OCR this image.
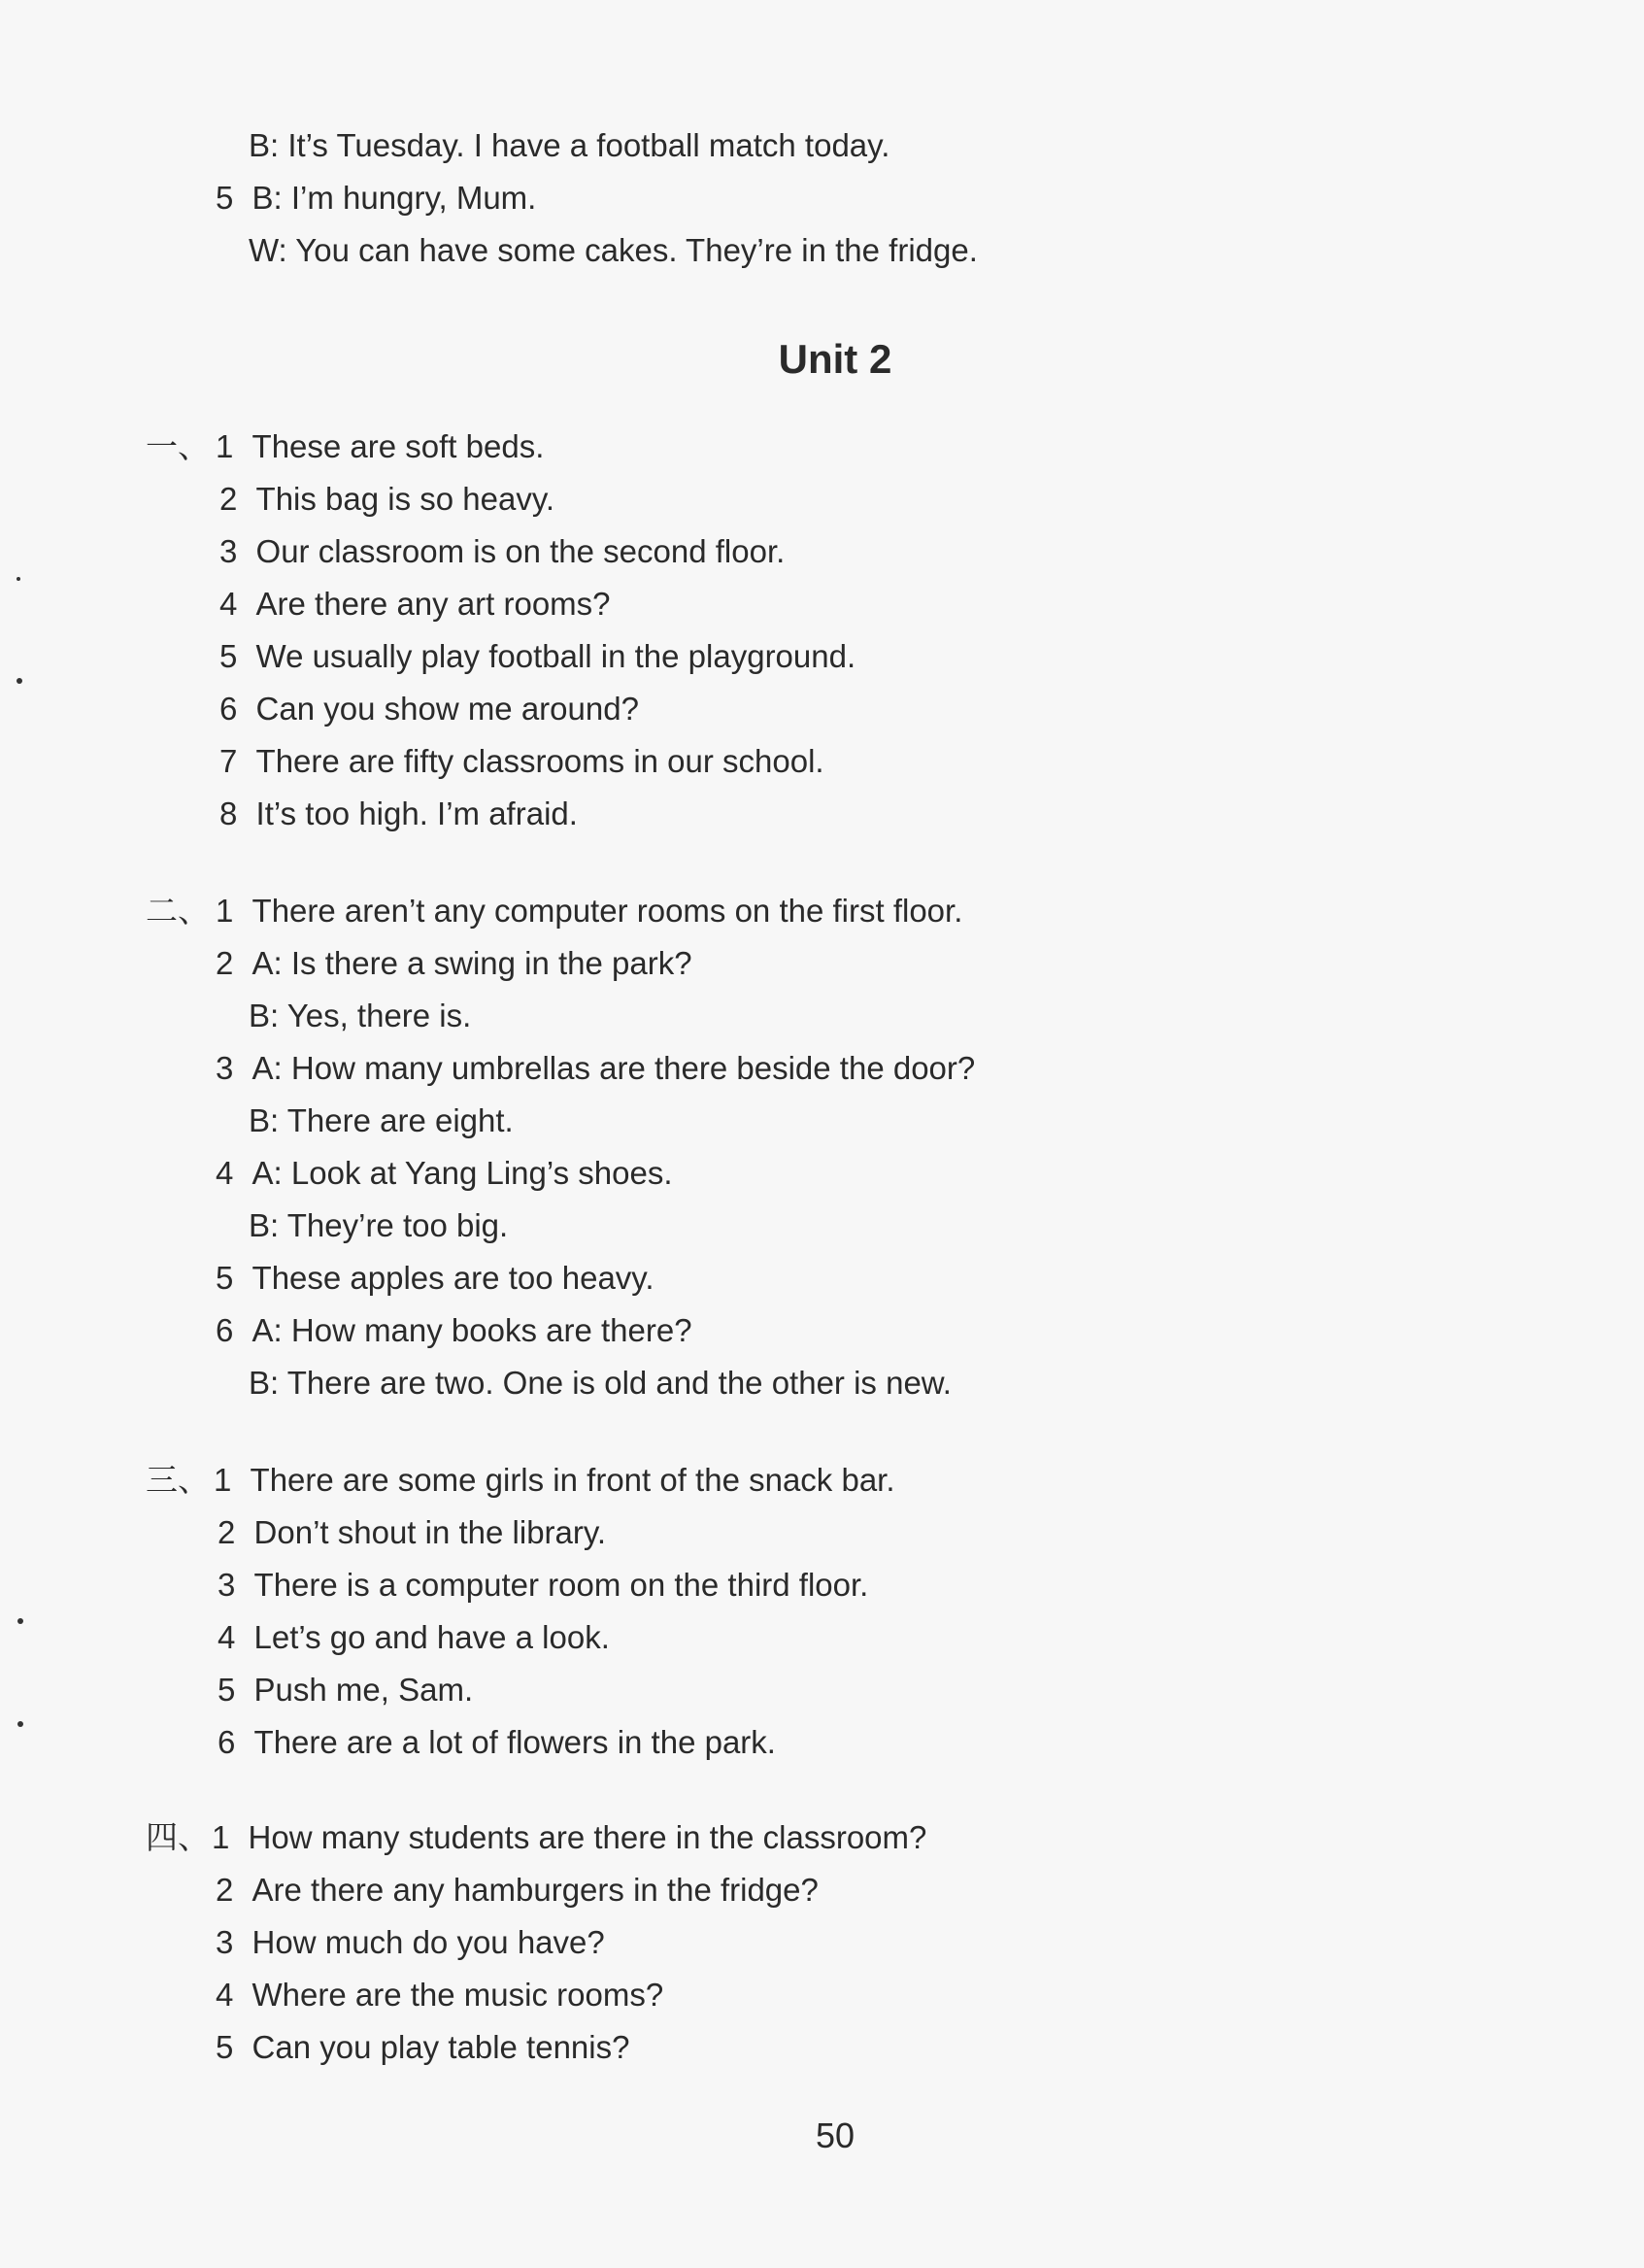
B: It’s Tuesday. I have a football match today.
5 B: I’m hungry, Mum.
W: You can have some cakes. They’re in the fridge.
Unit 2
一、 1 These are soft beds.
2 This bag is so heavy.
3 Our classroom is on the second floor.
4 Are there any art rooms?
5 We usually play football in the playground.
6 Can you show me around?
7 There are fifty classrooms in our school.
8 It’s too high. I’m afraid.
二、 1 There aren’t any computer rooms on the first floor.
2 A: Is there a swing in the park?
B: Yes, there is.
3 A: How many umbrellas are there beside the door?
B: There are eight.
4 A: Look at Yang Ling’s shoes.
B: They’re too big.
5 These apples are too heavy.
6 A: How many books are there?
B: There are two. One is old and the other is new.
三、 1 There are some girls in front of the snack bar.
2 Don’t shout in the library.
3 There is a computer room on the third floor.
4 Let’s go and have a look.
5 Push me, Sam.
6 There are a lot of flowers in the park.
四、 1 How many students are there in the classroom?
2 Are there any hamburgers in the fridge?
3 How much do you have?
4 Where are the music rooms?
5 Can you play table tennis?
50
